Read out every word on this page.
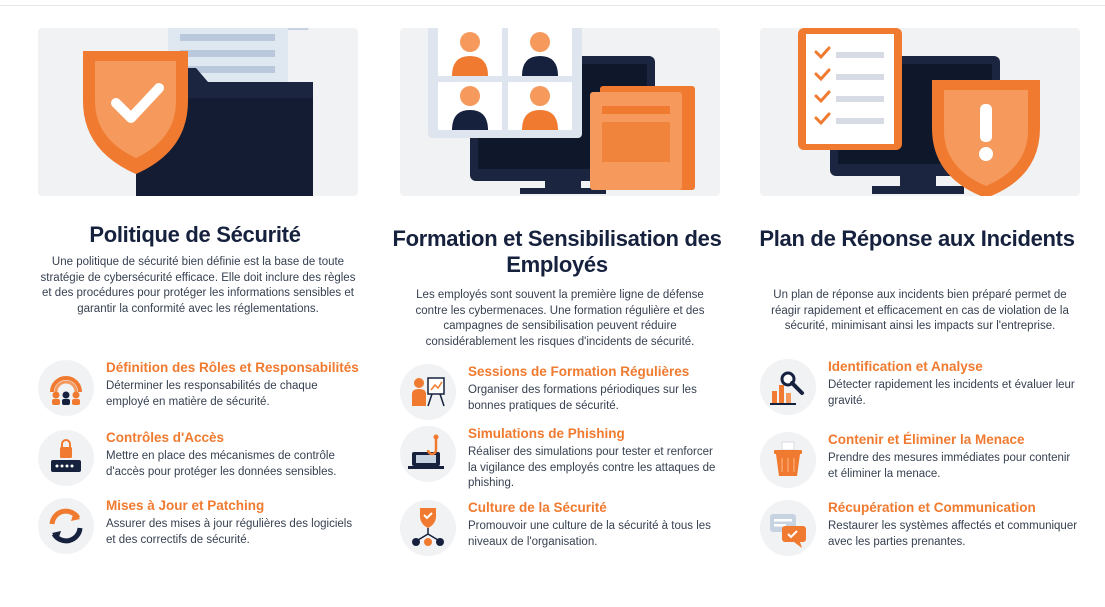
Politique de Sécurité

Une politique de sécurité bien définie est la base de toute stratégie de cybersécurité efficace. Elle doit inclure des règles et des procédures pour protéger les informations sensibles et garantir la conformité avec les réglementations.

Définition des Rôles et Responsabilités
Déterminer les responsabilités de chaque employé en matière de sécurité.
Contrôles d'Accès
Mettre en place des mécanismes de contrôle d'accès pour protéger les données sensibles.
Mises à Jour et Patching
Assurer des mises à jour régulières des logiciels et des correctifs de sécurité.
Formation et Sensibilisation des Employés

Les employés sont souvent la première ligne de défense contre les cybermenaces. Une formation régulière et des campagnes de sensibilisation peuvent réduire considérablement les risques d'incidents de sécurité.

Sessions de Formation Régulières
Organiser des formations périodiques sur les bonnes pratiques de sécurité.
Simulations de Phishing
Réaliser des simulations pour tester et renforcer la vigilance des employés contre les attaques de phishing.
Culture de la Sécurité
Promouvoir une culture de la sécurité à tous les niveaux de l'organisation.
Plan de Réponse aux Incidents

Un plan de réponse aux incidents bien préparé permet de réagir rapidement et efficacement en cas de violation de la sécurité, minimisant ainsi les impacts sur l'entreprise.

Identification et Analyse
Détecter rapidement les incidents et évaluer leur gravité.
Contenir et Éliminer la Menace
Prendre des mesures immédiates pour contenir et éliminer la menace.
Récupération et Communication
Restaurer les systèmes affectés et communiquer avec les parties prenantes.
